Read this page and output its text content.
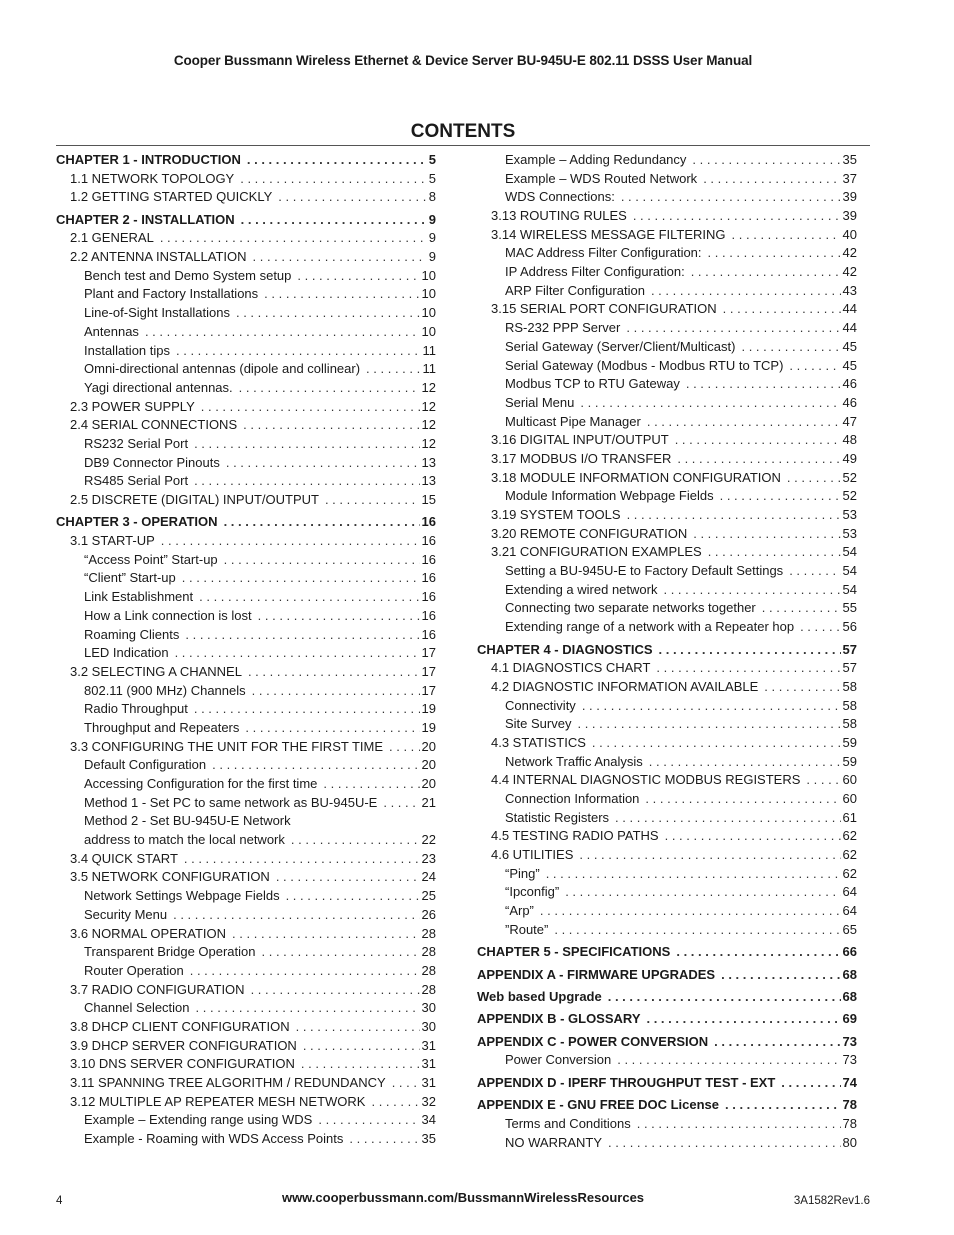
Cooper Bussmann Wireless Ethernet & Device Server BU-945U-E 802.11 DSSS User Manual
CONTENTS
CHAPTER 1 - INTRODUCTION . . .	5
1.1 NETWORK TOPOLOGY . . .	5
1.2 GETTING STARTED QUICKLY . . .	8
CHAPTER 2 - INSTALLATION . . .	9
2.1 GENERAL . . .	9
2.2 ANTENNA INSTALLATION . . .	9
Bench test and Demo System setup . . .	10
Plant and Factory Installations . . .	10
Line-of-Sight Installations . . .	10
Antennas . . .	10
Installation tips . . .	11
Omni-directional antennas (dipole and collinear) . . .	11
Yagi directional antennas. . . .	12
2.3 POWER SUPPLY . . .	12
2.4 SERIAL CONNECTIONS . . .	12
RS232 Serial Port . . .	12
DB9 Connector Pinouts . . .	13
RS485 Serial Port . . .	13
2.5 DISCRETE (DIGITAL) INPUT/OUTPUT . . .	15
CHAPTER 3 - OPERATION . . .	16
3.1 START-UP . . .	16
“Access Point” Start-up . . .	16
“Client” Start-up . . .	16
Link Establishment . . .	16
How a Link connection is lost . . .	16
Roaming Clients . . .	16
LED Indication . . .	17
3.2 SELECTING A CHANNEL . . .	17
802.11 (900 MHz) Channels . . .	17
Radio Throughput . . .	19
Throughput and Repeaters . . .	19
3.3 CONFIGURING THE UNIT FOR THE FIRST TIME . . .	20
Default Configuration . . .	20
Accessing Configuration for the first time . . .	20
Method 1 - Set PC to same network as BU-945U-E . . .	21
Method 2 - Set BU-945U-E Network
address to match the local network . . .	22
3.4 QUICK START . . .	23
3.5 NETWORK CONFIGURATION . . .	24
Network Settings Webpage Fields . . .	25
Security Menu . . .	26
3.6 NORMAL OPERATION . . .	28
Transparent Bridge Operation . . .	28
Router Operation . . .	28
3.7 RADIO CONFIGURATION . . .	28
Channel Selection . . .	30
3.8 DHCP CLIENT CONFIGURATION . . .	30
3.9 DHCP SERVER CONFIGURATION . . .	31
3.10 DNS SERVER CONFIGURATION . . .	31
3.11 SPANNING TREE ALGORITHM / REDUNDANCY . . .	31
3.12 MULTIPLE AP REPEATER MESH NETWORK . . .	32
Example – Extending range using WDS . . .	34
Example - Roaming with WDS Access Points . . .	35
Example – Adding Redundancy . . .	35
Example – WDS Routed Network . . .	37
WDS Connections: . . .	39
3.13 ROUTING RULES . . .	39
3.14 WIRELESS MESSAGE FILTERING . . .	40
MAC Address Filter Configuration: . . .	42
IP Address Filter Configuration: . . .	42
ARP Filter Configuration . . .	43
3.15 SERIAL PORT CONFIGURATION . . .	44
RS-232 PPP Server . . .	44
Serial Gateway (Server/Client/Multicast) . . .	45
Serial Gateway (Modbus - Modbus RTU to TCP) . . .	45
Modbus TCP to RTU Gateway . . .	46
Serial Menu . . .	46
Multicast Pipe Manager . . .	47
3.16 DIGITAL INPUT/OUTPUT . . .	48
3.17 MODBUS I/O TRANSFER . . .	49
3.18 MODULE INFORMATION CONFIGURATION . . .	52
Module Information Webpage Fields . . .	52
3.19 SYSTEM TOOLS . . .	53
3.20 REMOTE CONFIGURATION . . .	53
3.21 CONFIGURATION EXAMPLES . . .	54
Setting a BU-945U-E to Factory Default Settings . . .	54
Extending a wired network . . .	54
Connecting two separate networks together . . .	55
Extending range of a network with a Repeater hop . . .	56
CHAPTER 4 - DIAGNOSTICS . . .	57
4.1 DIAGNOSTICS CHART . . .	57
4.2 DIAGNOSTIC INFORMATION AVAILABLE . . .	58
Connectivity . . .	58
Site Survey . . .	58
4.3 STATISTICS . . .	59
Network Traffic Analysis . . .	59
4.4 INTERNAL DIAGNOSTIC MODBUS REGISTERS . . .	60
Connection Information . . .	60
Statistic Registers . . .	61
4.5 TESTING RADIO PATHS . . .	62
4.6 UTILITIES . . .	62
“Ping” . . .	62
“Ipconfig” . . .	64
“Arp” . . .	64
”Route” . . .	65
CHAPTER 5 - SPECIFICATIONS . . .	66
APPENDIX A - FIRMWARE UPGRADES . . .	68
Web based Upgrade . . .	68
APPENDIX B - GLOSSARY . . .	69
APPENDIX C - POWER CONVERSION . . .	73
Power Conversion . . .	73
APPENDIX D - IPERF THROUGHPUT TEST - EXT . . .	74
APPENDIX E - GNU FREE DOC License . . .	78
Terms and Conditions . . .	78
NO WARRANTY . . .	80
4	www.cooperbussmann.com/BussmannWirelessResources	3A1582Rev1.6
